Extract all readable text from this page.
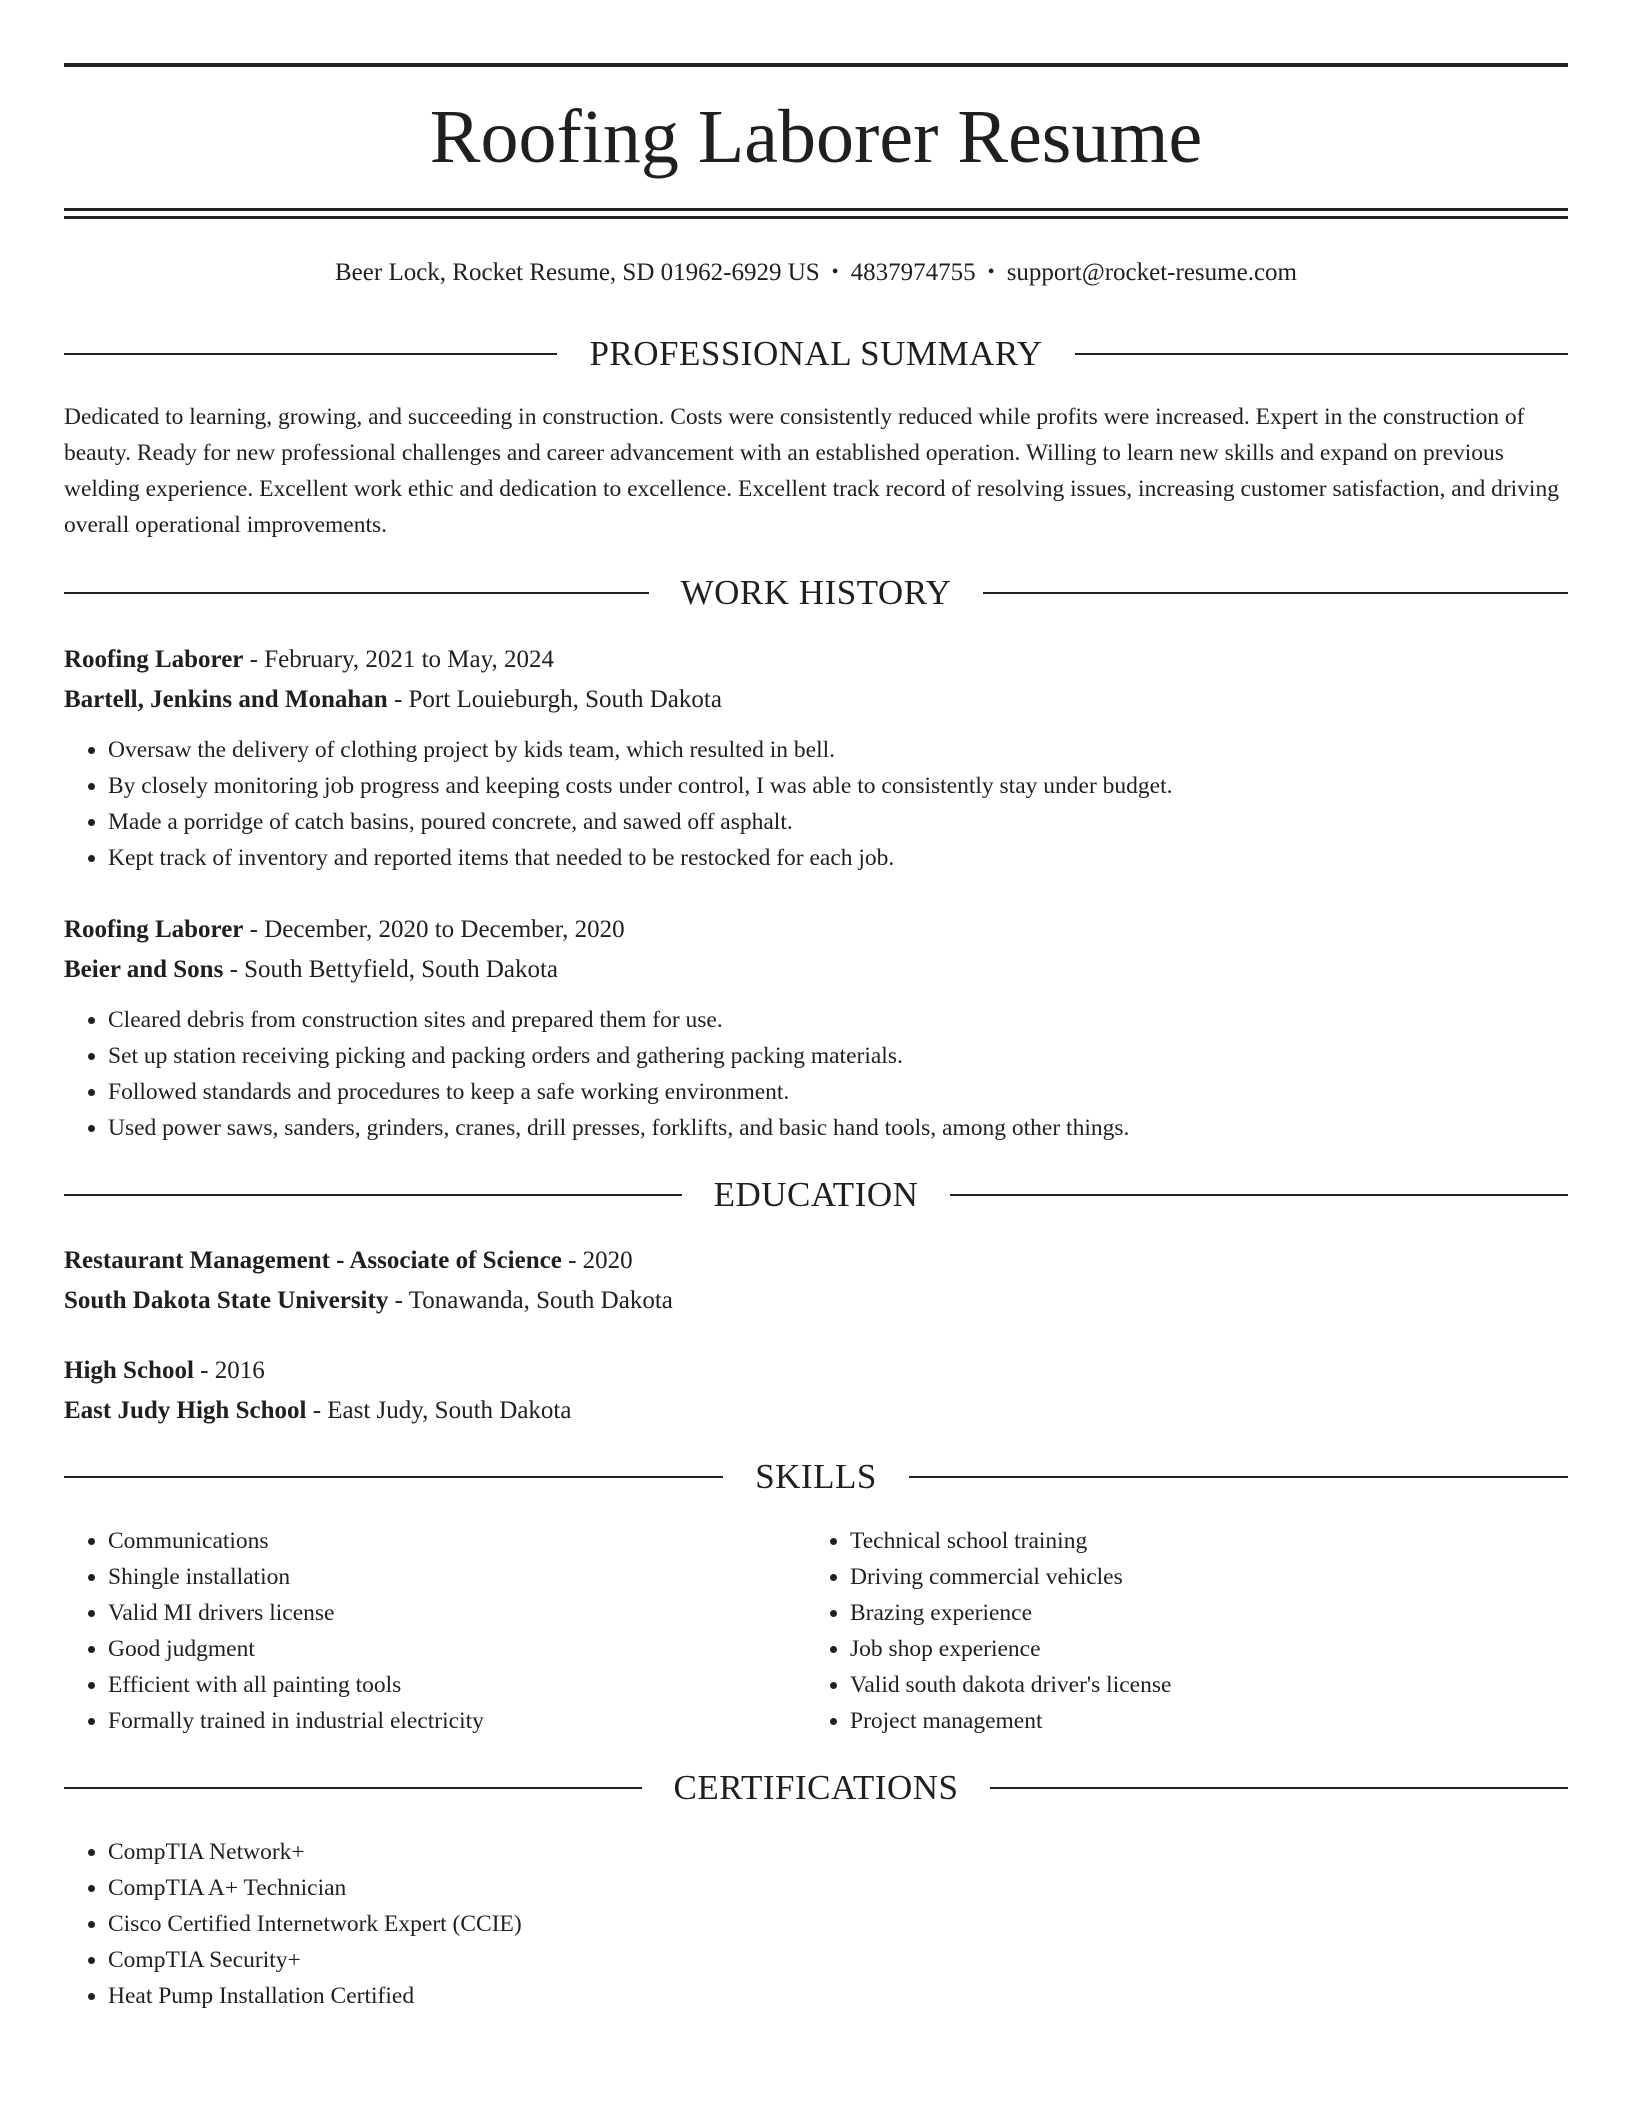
Roofing Laborer Resume
Beer Lock, Rocket Resume, SD 01962-6929 US • 4837974755 • support@rocket-resume.com
PROFESSIONAL SUMMARY

Dedicated to learning, growing, and succeeding in construction. Costs were consistently reduced while profits were increased. Expert in the construction of beauty. Ready for new professional challenges and career advancement with an established operation. Willing to learn new skills and expand on previous welding experience. Excellent work ethic and dedication to excellence. Excellent track record of resolving issues, increasing customer satisfaction, and driving overall operational improvements.

WORK HISTORY
Roofing Laborer - February, 2021 to May, 2024
Bartell, Jenkins and Monahan - Port Louieburgh, South Dakota
• Oversaw the delivery of clothing project by kids team, which resulted in bell.
• By closely monitoring job progress and keeping costs under control, I was able to consistently stay under budget.
• Made a porridge of catch basins, poured concrete, and sawed off asphalt.
• Kept track of inventory and reported items that needed to be restocked for each job.
Roofing Laborer - December, 2020 to December, 2020
Beier and Sons - South Bettyfield, South Dakota
• Cleared debris from construction sites and prepared them for use.
• Set up station receiving picking and packing orders and gathering packing materials.
• Followed standards and procedures to keep a safe working environment.
• Used power saws, sanders, grinders, cranes, drill presses, forklifts, and basic hand tools, among other things.
EDUCATION
Restaurant Management - Associate of Science - 2020
South Dakota State University - Tonawanda, South Dakota
High School - 2016
East Judy High School - East Judy, South Dakota
SKILLS
• Communications
• Shingle installation
• Valid MI drivers license
• Good judgment
• Efficient with all painting tools
• Formally trained in industrial electricity
• Technical school training
• Driving commercial vehicles
• Brazing experience
• Job shop experience
• Valid south dakota driver's license
• Project management
CERTIFICATIONS
• CompTIA Network+
• CompTIA A+ Technician
• Cisco Certified Internetwork Expert (CCIE)
• CompTIA Security+
• Heat Pump Installation Certified
